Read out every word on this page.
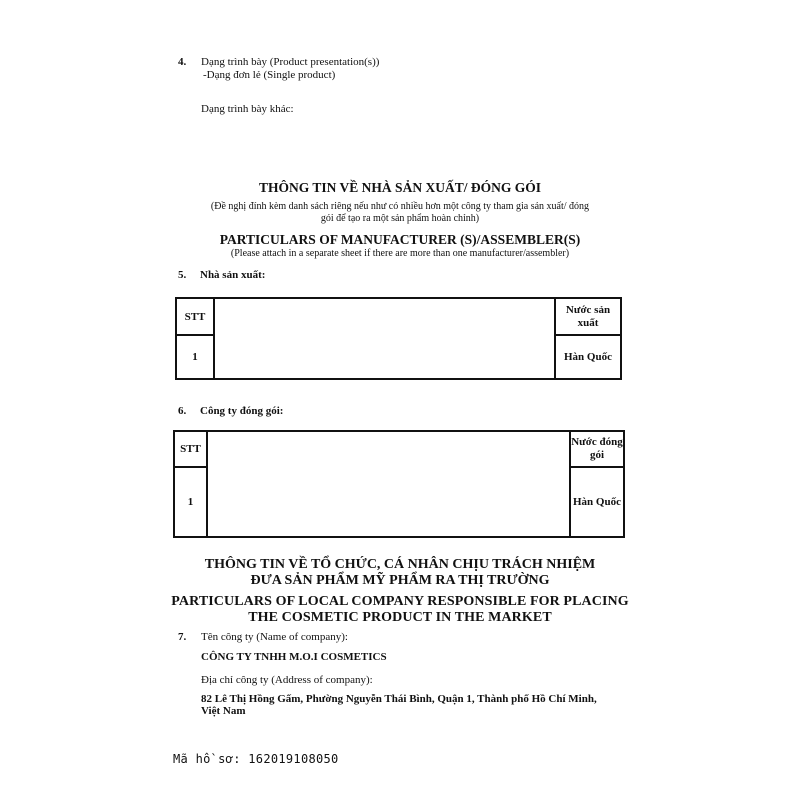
4. Dạng trình bày (Product presentation(s))
-Dạng đơn lẻ (Single product)
Dạng trình bày khác:
THÔNG TIN VỀ NHÀ SẢN XUẤT/ ĐÓNG GÓI
(Đề nghị đính kèm danh sách riêng nếu như có nhiều hơn một công ty tham gia sản xuất/ đóng
gói để tạo ra một sản phẩm hoàn chỉnh)
PARTICULARS OF MANUFACTURER (S)/ASSEMBLER(S)
(Please attach in a separate sheet if there are more than one manufacturer/assembler)
5. Nhà sản xuất:
STT		Nước sản xuất
1		Hàn Quốc
6. Công ty đóng gói:
STT		Nước đóng gói
1		Hàn Quốc
THÔNG TIN VỀ TỔ CHỨC, CÁ NHÂN CHỊU TRÁCH NHIỆM
ĐƯA SẢN PHẨM MỸ PHẨM RA THỊ TRƯỜNG
PARTICULARS OF LOCAL COMPANY RESPONSIBLE FOR PLACING
THE COSMETIC PRODUCT IN THE MARKET
7. Tên công ty (Name of company):
CÔNG TY TNHH M.O.I COSMETICS
Địa chỉ công ty (Address of company):
82 Lê Thị Hồng Gấm, Phường Nguyễn Thái Bình, Quận 1, Thành phố Hồ Chí Minh,
Việt Nam
Mã hồ sơ: 162019108050
